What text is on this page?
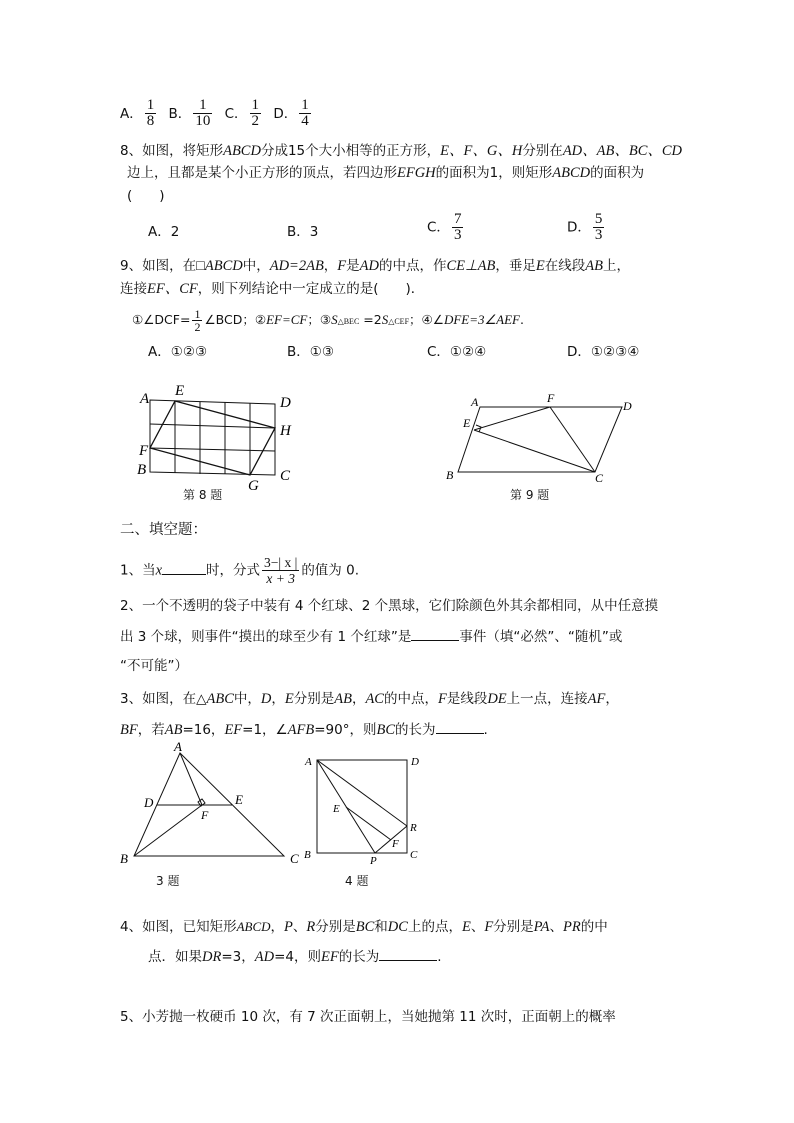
A． $\frac{1}{8}$ B． $\frac{1}{10}$ C． $\frac{1}{2}$ D． $\frac{1}{4}$
8、如图，将矩形ABCD分成15个大小相等的正方形，E、F、G、H分别在AD、AB、BC、CD
边上，且都是某个小正方形的顶点，若四边形EFGH的面积为1，则矩形ABCD的面积为
(　　)
A．2	B．3	C． $\frac{7}{3}$	D． $\frac{5}{3}$
9、如图，在□ABCD中，AD=2AB，F是AD的中点，作CE⊥AB，垂足E在线段AB上，
连接EF、CF，则下列结论中一定成立的是(　　)．
①∠DCF= $\frac{1}{2}$ ∠BCD；②EF=CF；③S△BEC =2S△CEF；④∠DFE=3∠AEF.
A．①②③	B．①③	C．①②④	D．①②③④
A E
D
H
F
B
G
C
第 8 题
A	F
D
E
B	C
第 9 题
二、填空题：
1、当x	时，分式 $\frac{3-| x |}{x + 3}$ 的值为 0.
2、一个不透明的袋子中装有 4 个红球、2 个黑球，它们除颜色外其余都相同，从中任意摸
出 3 个球，则事件“摸出的球至少有 1 个红球”是	事件（填“必然”、“随机”或
“不可能”）
3、如图，在△ABC中，D，E分别是AB，AC的中点，F是线段DE上一点，连接AF，
BF，若AB=16，EF=1，∠AFB=90°，则BC的长为	.
A
D	E
F
B	C
3 题
A	D
E
R
F
B	P	C
4 题
4、如图，已知矩形ABCD，P、R分别是BC和DC上的点，E、F分别是PA、PR的中
点．如果DR=3，AD=4，则EF的长为	.
5、小芳抛一枚硬币 10 次，有 7 次正面朝上，当她抛第 11 次时，正面朝上的概率
